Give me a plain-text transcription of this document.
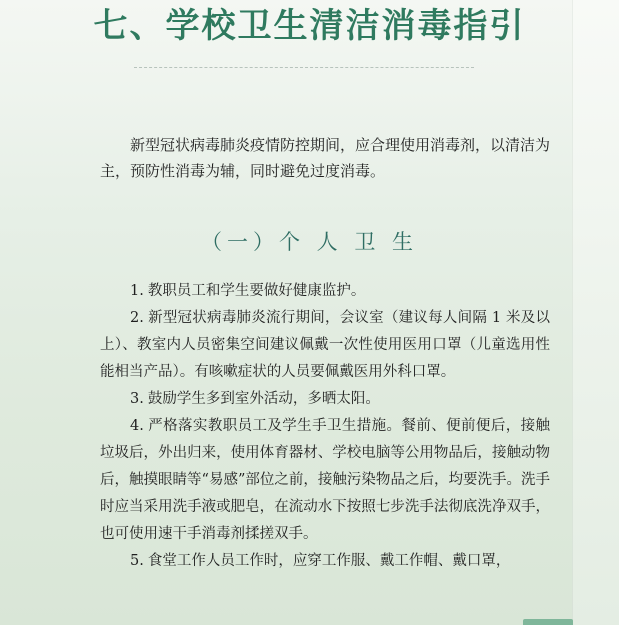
七、学校卫生清洁消毒指引

新型冠状病毒肺炎疫情防控期间，应合理使用消毒剂，以清洁为主，预防性消毒为辅，同时避免过度消毒。

（一）个 人 卫 生
1. 教职员工和学生要做好健康监护。
2. 新型冠状病毒肺炎流行期间，会议室（建议每人间隔 1 米及以上）、教室内人员密集空间建议佩戴一次性使用医用口罩（儿童选用性能相当产品）。有咳嗽症状的人员要佩戴医用外科口罩。
3. 鼓励学生多到室外活动，多晒太阳。
4. 严格落实教职员工及学生手卫生措施。餐前、便前便后，接触垃圾后，外出归来，使用体育器材、学校电脑等公用物品后，接触动物后，触摸眼睛等“易感”部位之前，接触污染物品之后，均要洗手。洗手时应当采用洗手液或肥皂，在流动水下按照七步洗手法彻底洗净双手，也可使用速干手消毒剂揉搓双手。
5. 食堂工作人员工作时，应穿工作服、戴工作帽、戴口罩，
